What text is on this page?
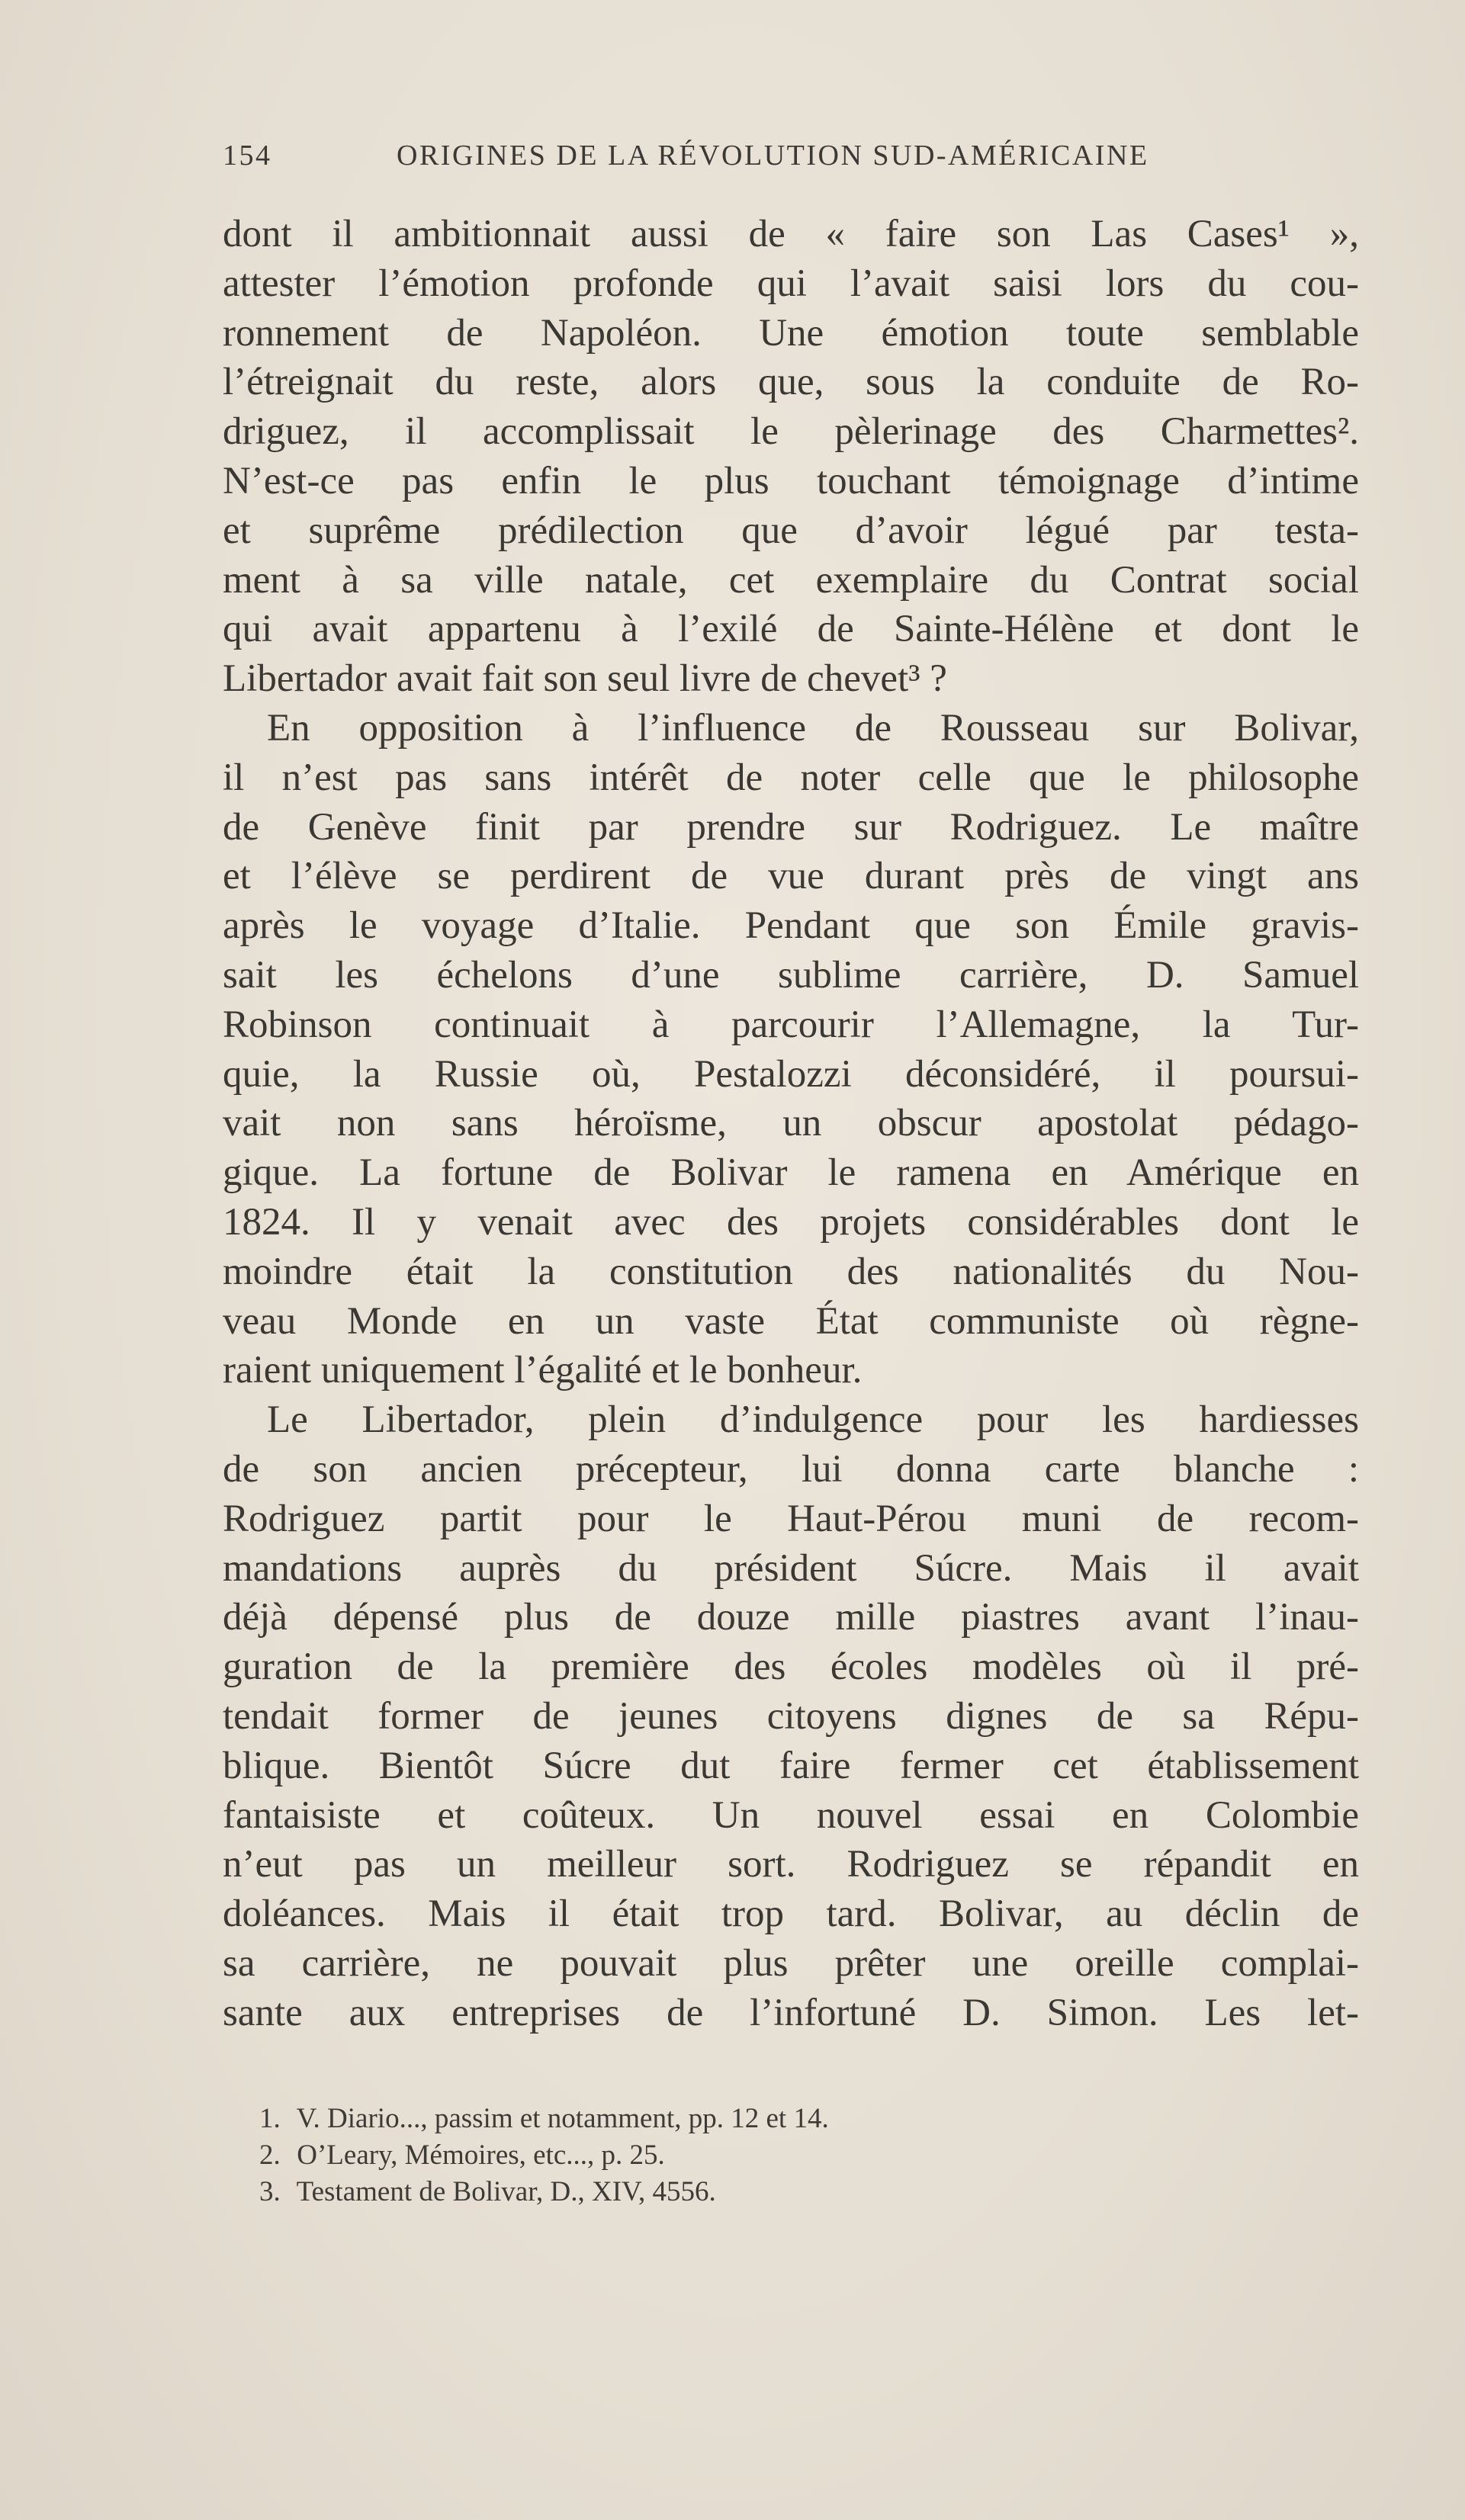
154	ORIGINES DE LA RÉVOLUTION SUD-AMÉRICAINE
dont il ambitionnait aussi de « faire son Las Cases¹ »,
attester l’émotion profonde qui l’avait saisi lors du cou-
ronnement de Napoléon. Une émotion toute semblable
l’étreignait du reste, alors que, sous la conduite de Ro-
driguez, il accomplissait le pèlerinage des Charmettes².
N’est-ce pas enfin le plus touchant témoignage d’intime
et suprême prédilection que d’avoir légué par testa-
ment à sa ville natale, cet exemplaire du Contrat social
qui avait appartenu à l’exilé de Sainte-Hélène et dont le
Libertador avait fait son seul livre de chevet³ ?
En opposition à l’influence de Rousseau sur Bolivar,
il n’est pas sans intérêt de noter celle que le philosophe
de Genève finit par prendre sur Rodriguez. Le maître
et l’élève se perdirent de vue durant près de vingt ans
après le voyage d’Italie. Pendant que son Émile gravis-
sait les échelons d’une sublime carrière, D. Samuel
Robinson continuait à parcourir l’Allemagne, la Tur-
quie, la Russie où, Pestalozzi déconsidéré, il poursui-
vait non sans héroïsme, un obscur apostolat pédago-
gique. La fortune de Bolivar le ramena en Amérique en
1824. Il y venait avec des projets considérables dont le
moindre était la constitution des nationalités du Nou-
veau Monde en un vaste État communiste où règne-
raient uniquement l’égalité et le bonheur.
Le Libertador, plein d’indulgence pour les hardiesses
de son ancien précepteur, lui donna carte blanche :
Rodriguez partit pour le Haut-Pérou muni de recom-
mandations auprès du président Súcre. Mais il avait
déjà dépensé plus de douze mille piastres avant l’inau-
guration de la première des écoles modèles où il pré-
tendait former de jeunes citoyens dignes de sa Répu-
blique. Bientôt Súcre dut faire fermer cet établissement
fantaisiste et coûteux. Un nouvel essai en Colombie
n’eut pas un meilleur sort. Rodriguez se répandit en
doléances. Mais il était trop tard. Bolivar, au déclin de
sa carrière, ne pouvait plus prêter une oreille complai-
sante aux entreprises de l’infortuné D. Simon. Les let-
1. V. Diario..., passim et notamment, pp. 12 et 14.
2. O’Leary, Mémoires, etc..., p. 25.
3. Testament de Bolivar, D., XIV, 4556.
